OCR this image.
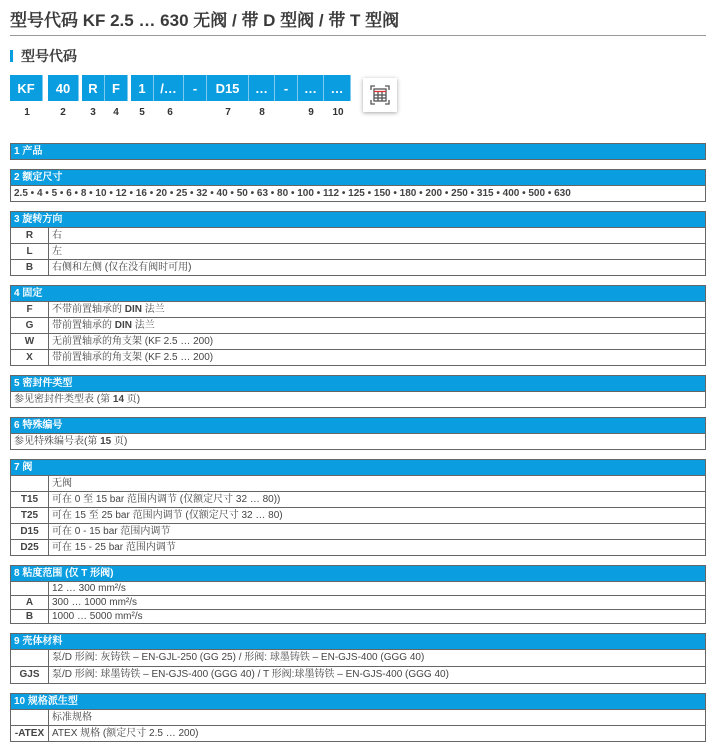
型号代码 KF 2.5 … 630 无阀 / 带 D 型阀 / 带 T 型阀
型号代码
KF	40	R	F	1	/…	-	D15	…	-	…	…
1	2	3	4	5	6	7	8	9	10
1 产品
2 额定尺寸
2.5 • 4 • 5 • 6 • 8 • 10 • 12 • 16 • 20 • 25 • 32 • 40 • 50 • 63 • 80 • 100 • 112 • 125 • 150 • 180 • 200 • 250 • 315 • 400 • 500 • 630
3 旋转方向
R	右
L	左
B	右侧和左侧 (仅在没有阀时可用)
4 固定
F	不带前置轴承的 DIN 法兰
G	带前置轴承的 DIN 法兰
W	无前置轴承的角支架 (KF 2.5 … 200)
X	带前置轴承的角支架 (KF 2.5 … 200)
5 密封件类型
参见密封件类型表 (第 14 页)
6 特殊编号
参见特殊编号表(第 15 页)
7 阀
无阀
T15	可在 0 至 15 bar 范围内调节 (仅额定尺寸 32 … 80))
T25	可在 15 至 25 bar 范围内调节 (仅额定尺寸 32 … 80)
D15	可在 0 - 15 bar 范围内调节
D25	可在 15 - 25 bar 范围内调节
8 粘度范围 (仅 T 形阀)
12 … 300 mm²/s
A	300 … 1000 mm²/s
B	1000 … 5000 mm²/s
9 壳体材料
泵/D 形阀: 灰铸铁 – EN-GJL-250 (GG 25) / 形阀: 球墨铸铁 – EN-GJS-400 (GGG 40)
GJS	泵/D 形阀: 球墨铸铁 – EN-GJS-400 (GGG 40) / T 形阀:球墨铸铁 – EN-GJS-400 (GGG 40)
10 规格派生型
标准规格
-ATEX ATEX 规格 (额定尺寸 2.5 … 200)
